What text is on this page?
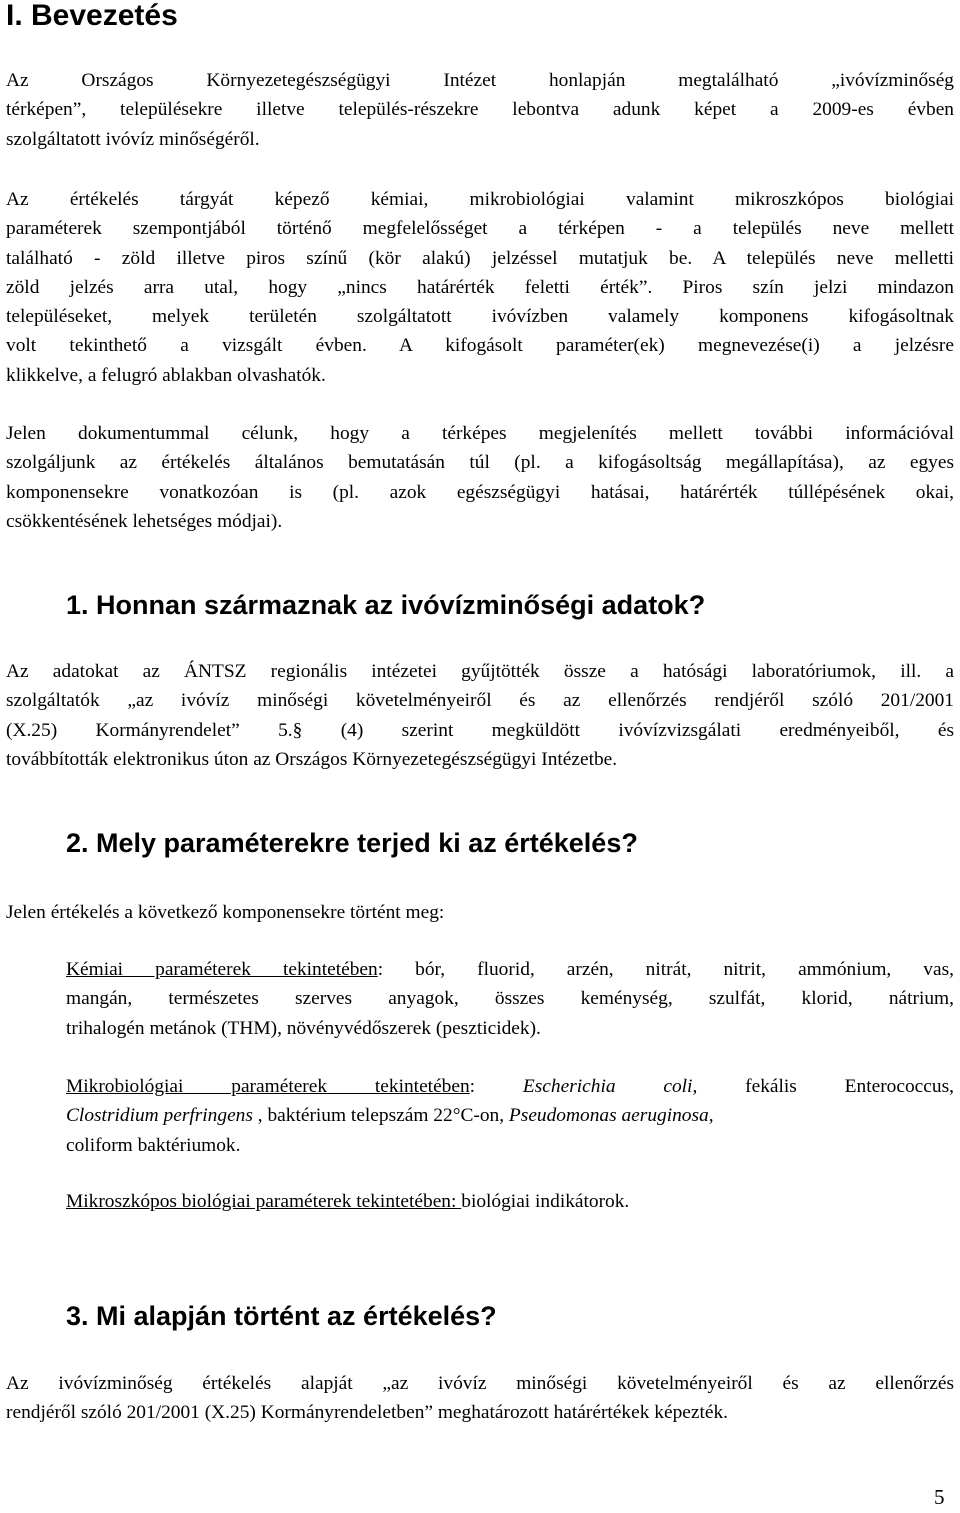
I. Bevezetés

Az Országos Környezetegészségügyi Intézet honlapján megtalálható „ivóvízminőség
térképen”, településekre illetve település-részekre lebontva adunk képet a 2009-es évben
szolgáltatott ivóvíz minőségéről.

Az értékelés tárgyát képező kémiai, mikrobiológiai valamint mikroszkópos biológiai
paraméterek szempontjából történő megfelelősséget a térképen - a település neve mellett
található - zöld illetve piros színű (kör alakú) jelzéssel mutatjuk be. A település neve melletti
zöld jelzés arra utal, hogy „nincs határérték feletti érték”. Piros szín jelzi mindazon
településeket, melyek területén szolgáltatott ivóvízben valamely komponens kifogásoltnak
volt tekinthető a vizsgált évben. A kifogásolt paraméter(ek) megnevezése(i) a jelzésre
klikkelve, a felugró ablakban olvashatók.

Jelen dokumentummal célunk, hogy a térképes megjelenítés mellett további információval
szolgáljunk az értékelés általános bemutatásán túl (pl. a kifogásoltság megállapítása), az egyes
komponensekre vonatkozóan is (pl. azok egészségügyi hatásai, határérték túllépésének okai,
csökkentésének lehetséges módjai).

1. Honnan származnak az ivóvízminőségi adatok?

Az adatokat az ÁNTSZ regionális intézetei gyűjtötték össze a hatósági laboratóriumok, ill. a
szolgáltatók „az ivóvíz minőségi követelményeiről és az ellenőrzés rendjéről szóló 201/2001
(X.25) Kormányrendelet” 5.§ (4) szerint megküldött ivóvízvizsgálati eredményeiből, és
továbbították elektronikus úton az Országos Környezetegészségügyi Intézetbe.

2. Mely paraméterekre terjed ki az értékelés?

Jelen értékelés a következő komponensekre történt meg:

Kémiai paraméterek tekintetében: bór, fluorid, arzén, nitrát, nitrit, ammónium, vas,
mangán, természetes szerves anyagok, összes keménység, szulfát, klorid, nátrium,
trihalogén metánok (THM), növényvédőszerek (peszticidek).

Mikrobiológiai paraméterek tekintetében: Escherichia coli, fekális Enterococcus,
Clostridium perfringens , baktérium telepszám 22°C-on, Pseudomonas aeruginosa,
coliform baktériumok.

Mikroszkópos biológiai paraméterek tekintetében: biológiai indikátorok.

3. Mi alapján történt az értékelés?

Az ivóvízminőség értékelés alapját „az ivóvíz minőségi követelményeiről és az ellenőrzés
rendjéről szóló 201/2001 (X.25) Kormányrendeletben” meghatározott határértékek képezték.

5
